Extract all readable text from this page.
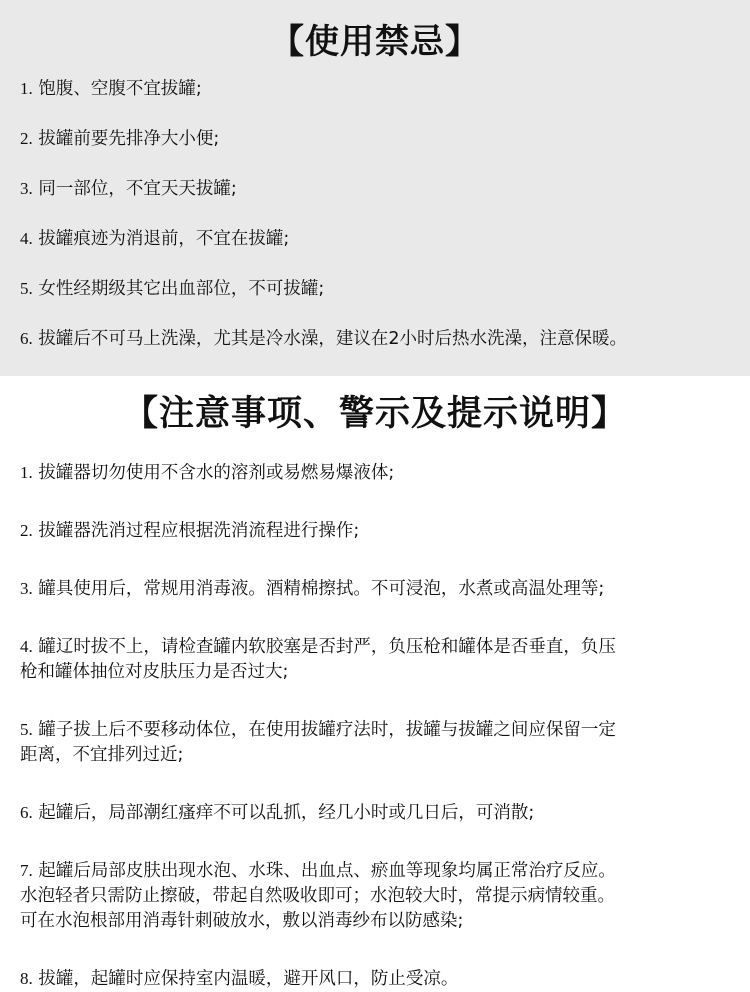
【使用禁忌】
1. 饱腹、空腹不宜拔罐;
2. 拔罐前要先排净大小便;
3. 同一部位，不宜天天拔罐;
4. 拔罐痕迹为消退前，不宜在拔罐;
5. 女性经期级其它出血部位，不可拔罐;
6. 拔罐后不可马上洗澡，尤其是冷水澡，建议在2小时后热水洗澡，注意保暖。
【注意事项、警示及提示说明】
1. 拔罐器切勿使用不含水的溶剂或易燃易爆液体;
2. 拔罐器洗消过程应根据洗消流程进行操作;
3. 罐具使用后，常规用消毒液。酒精棉擦拭。不可浸泡，水煮或高温处理等;
4. 罐辽时拔不上，请检查罐内软胶塞是否封严，负压枪和罐体是否垂直，负压
枪和罐体抽位对皮肤压力是否过大;
5. 罐子拔上后不要移动体位，在使用拔罐疗法时，拔罐与拔罐之间应保留一定
距离，不宜排列过近;
6. 起罐后，局部潮红瘙痒不可以乱抓，经几小时或几日后，可消散;
7. 起罐后局部皮肤出现水泡、水珠、出血点、瘀血等现象均属正常治疗反应。
水泡轻者只需防止擦破，带起自然吸收即可；水泡较大时，常提示病情较重。
可在水泡根部用消毒针刺破放水，敷以消毒纱布以防感染;
8. 拔罐，起罐时应保持室内温暖，避开风口，防止受凉。
